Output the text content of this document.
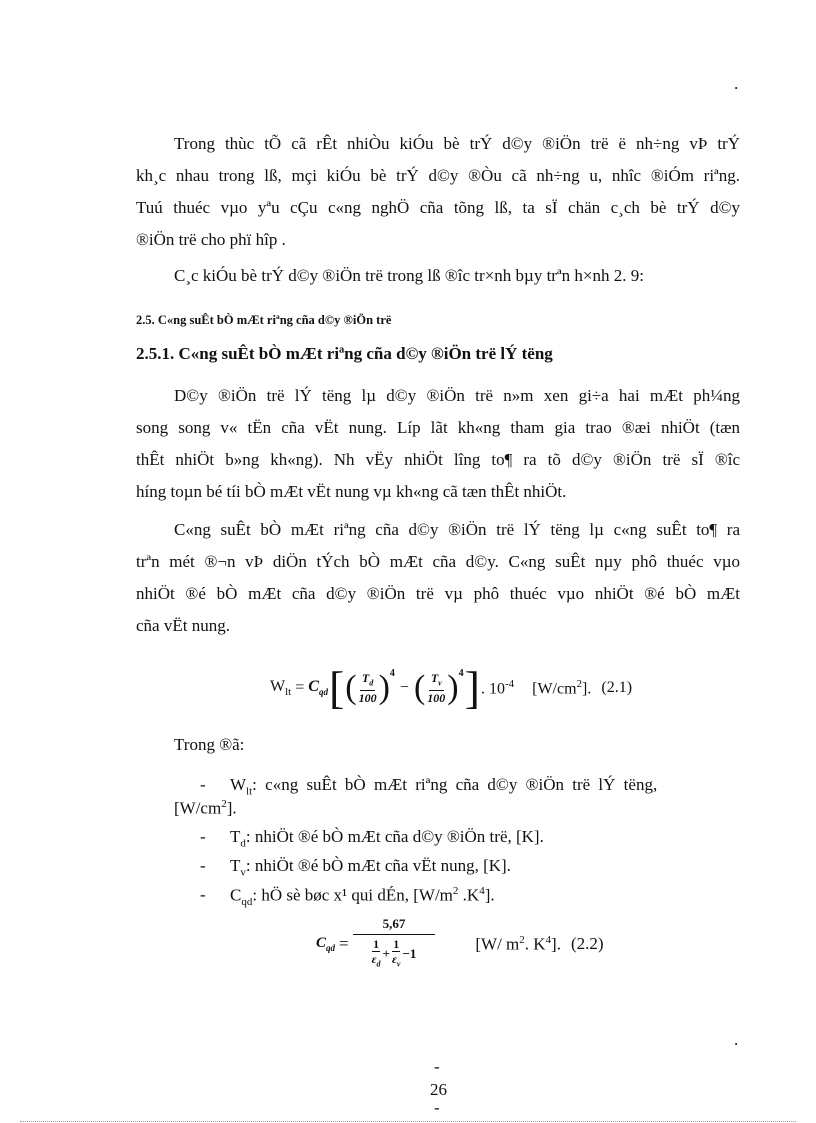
.
Trong thùc tÕ cã rÊt nhiÒu kiÓu bè trÝ d©y ®iÖn trë ë nh÷ng vÞ trÝ
kh¸c nhau trong lß, mçi kiÓu bè trÝ d©y ®Òu cã nh÷ng u, nhîc ®iÓm riªng.
Tuú thuéc vµo yªu cÇu c«ng nghÖ cña tõng lß, ta sÏ chän c¸ch bè trÝ d©y
®iÖn trë cho phï hîp .
C¸c kiÓu bè trÝ d©y ®iÖn trë trong lß ®îc tr×nh bµy trªn h×nh 2. 9:
2.5. C«ng suÊt bÒ mÆt riªng cña d©y ®iÖn trë
2.5.1. C«ng suÊt bÒ mÆt riªng cña d©y ®iÖn trë lÝ tëng
D©y ®iÖn trë lÝ tëng lµ d©y ®iÖn trë n»m xen gi÷a hai mÆt ph¼ng
song song v« tËn cña vËt nung. Líp lãt kh«ng tham gia trao ®æi nhiÖt (tæn
thÊt nhiÖt b»ng kh«ng). Nh vËy nhiÖt lîng to¶ ra tõ d©y ®iÖn trë sÏ ®îc
híng toµn bé tíi bÒ mÆt vËt nung vµ kh«ng cã tæn thÊt nhiÖt.
C«ng suÊt bÒ mÆt riªng cña d©y ®iÖn trë lÝ tëng lµ c«ng suÊt to¶ ra
trªn mét ®¬n vÞ diÖn tÝch bÒ mÆt cña d©y. C«ng suÊt nµy phô thuéc vµo
nhiÖt ®é bÒ mÆt cña d©y ®iÖn trë vµ phô thuéc vµo nhiÖt ®é bÒ mÆt
cña vËt nung.
$W_{lt} = C_{qd}$ [ ( $\frac{T_d}{100} )^4$
− ( $\frac{T_v}{100} )^4$ ] . $10^{-4}$ $[W/cm^2]$. (2.1)
Trong ®ã:
- $W_{lt}$: c«ng suÊt bÒ mÆt riªng cña d©y ®iÖn trë lÝ tëng,
$[W/cm^2]$.
- $T_d$: nhiÖt ®é bÒ mÆt cña d©y ®iÖn trë, [K].
- $T_v$: nhiÖt ®é bÒ mÆt cña vËt nung, [K].
- $C_{qd}$: hÖ sè bøc x¹ qui dÉn, [$W/m^2$ $.K^4$].
$C_{qd}$ =
5,67
1
$\varepsilon_d$
+ $\frac{1}{\varepsilon_v} -1$
[W/ $m^2$. $K^4$]. (2.2)
.
-
26
-
